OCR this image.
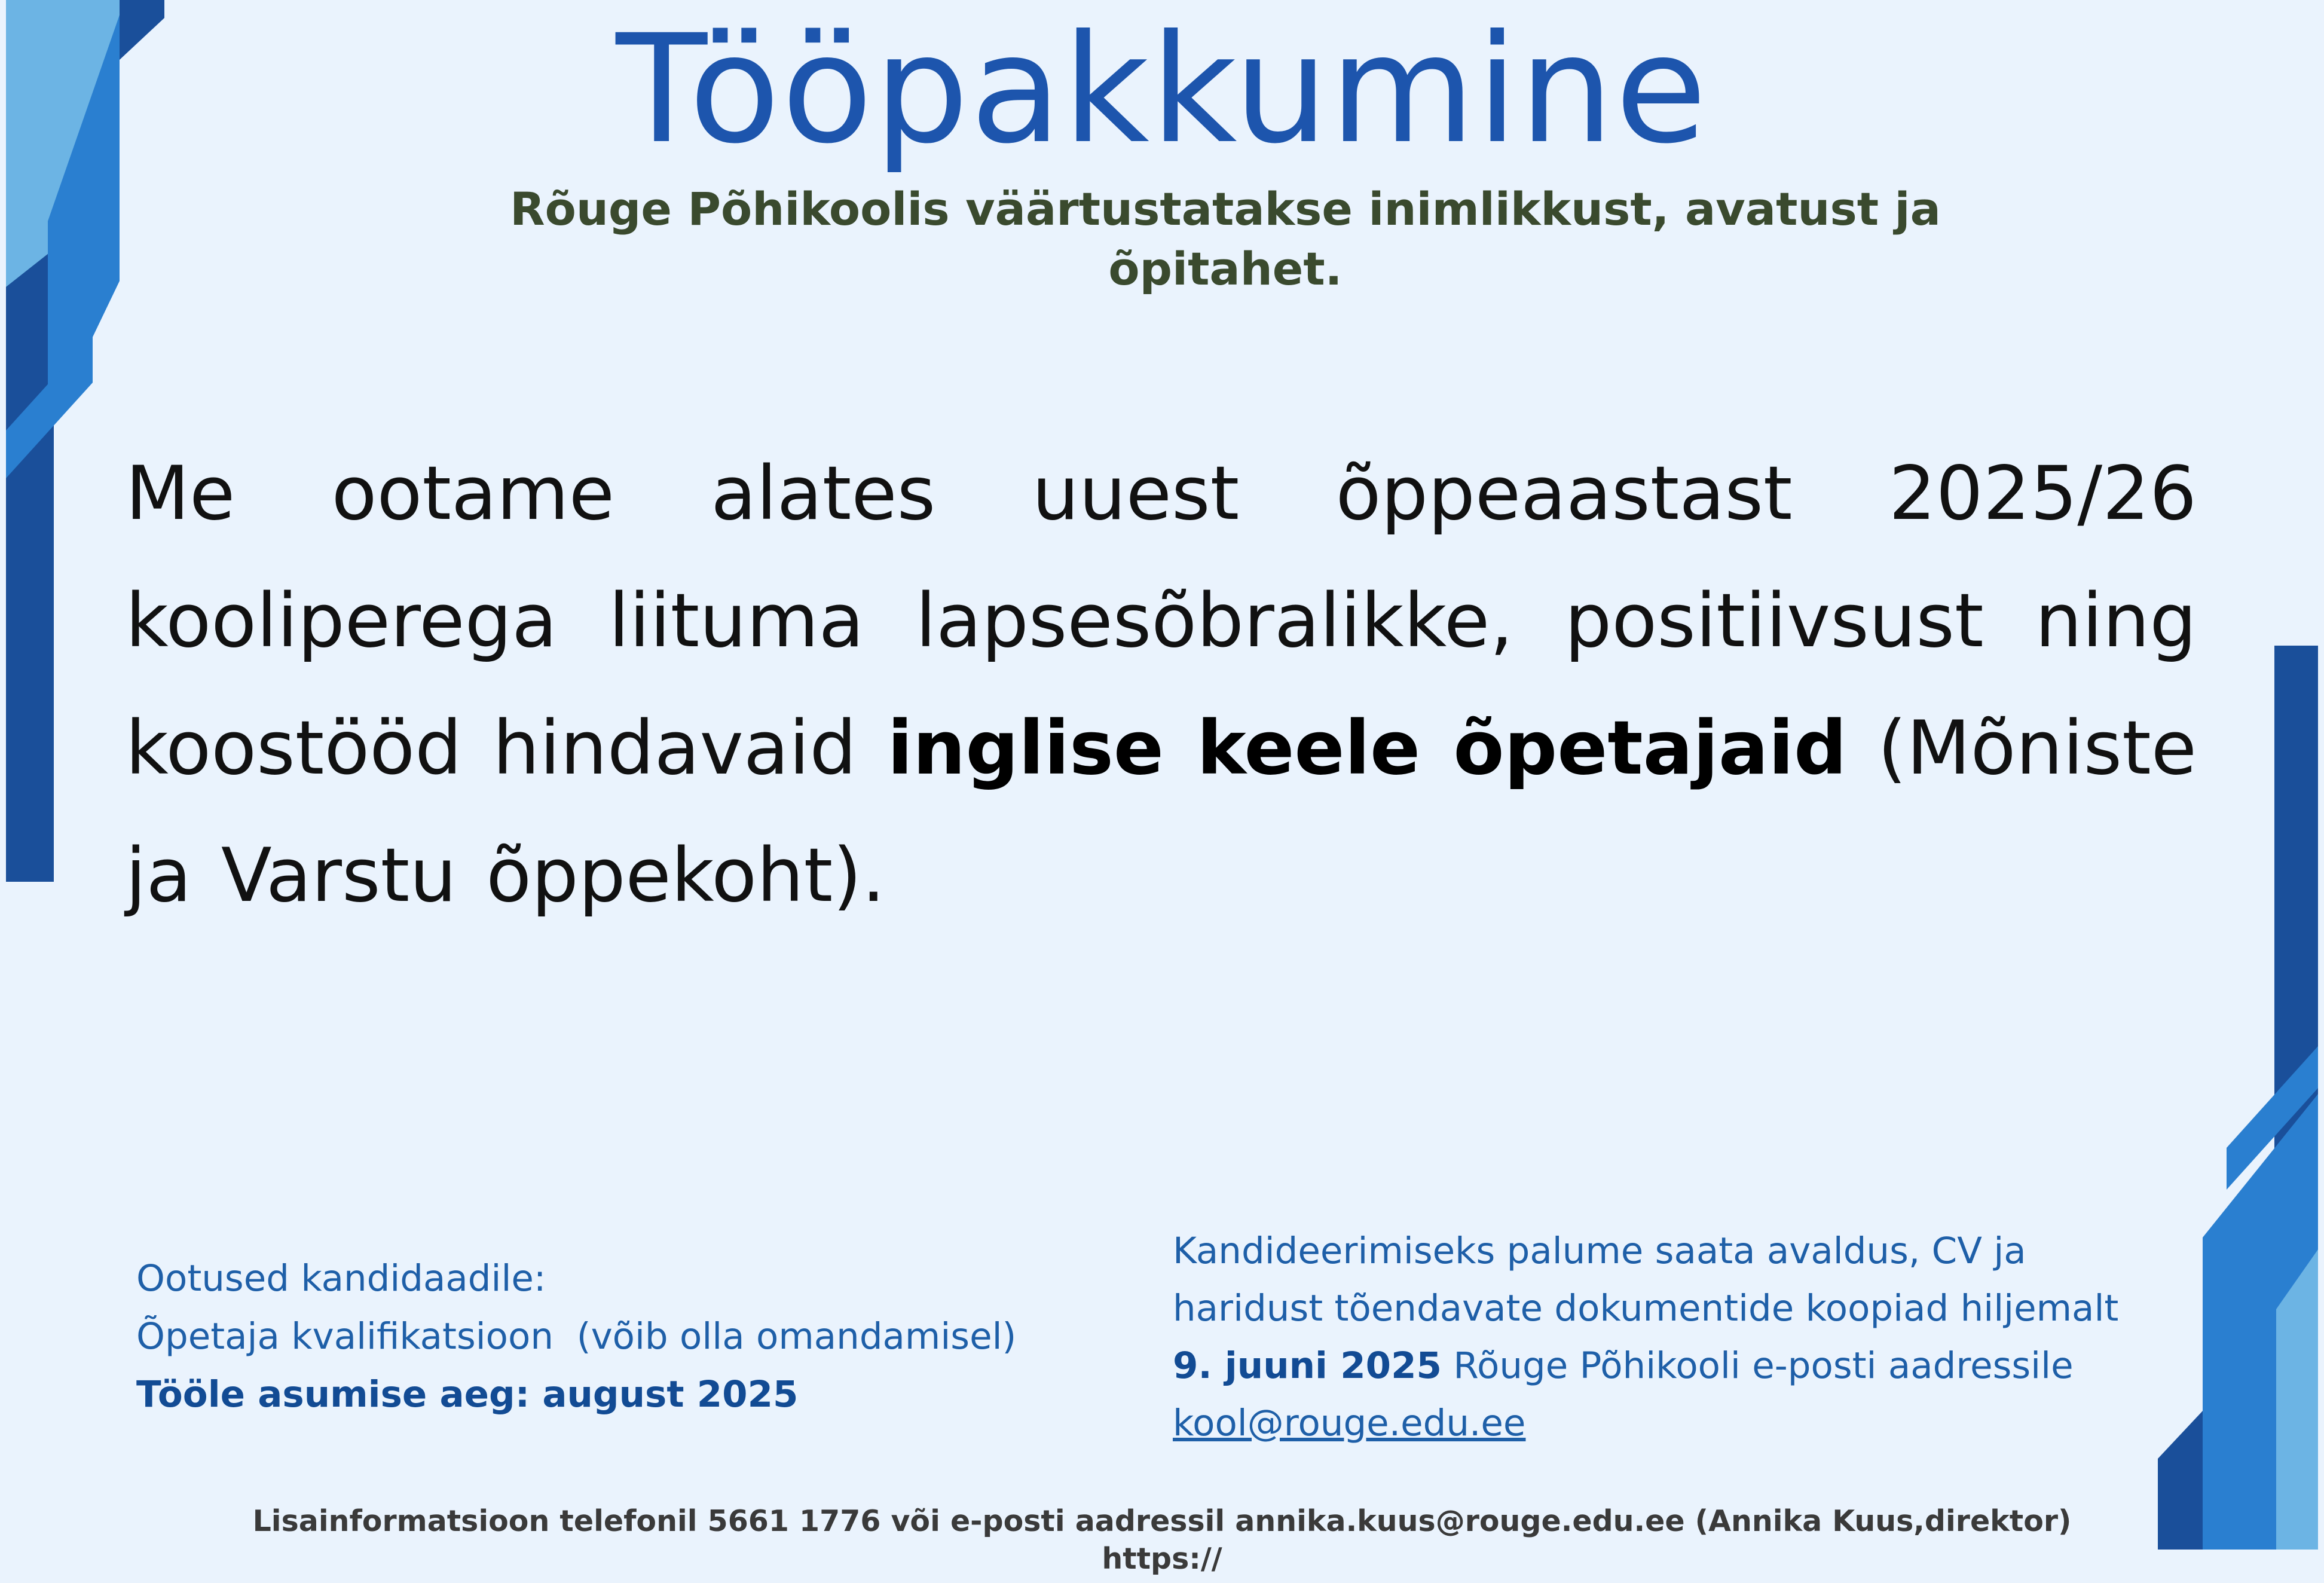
Tööpakkumine
Rõuge Põhikoolis väärtustatakse inimlikkust, avatust ja õpitahet.
Me ootame alates uuest õppeaastast 2025/26 kooliperega liituma lapsesõbralikke, positiivsust ning koostööd hindavaid inglise keele õpetajaid (Mõniste ja Varstu õppekoht).
Ootused kandidaadile:
Õpetaja kvalifikatsioon  (võib olla omandamisel)
Tööle asumise aeg: august 2025
Kandideerimiseks palume saata avaldus, CV ja
haridust tõendavate dokumentide koopiad hiljemalt
9. juuni 2025 Rõuge Põhikooli e-posti aadressile
kool@rouge.edu.ee
Lisainformatsioon telefonil 5661 1776 või e-posti aadressil annika.kuus@rouge.edu.ee (Annika Kuus,direktor)
https://
